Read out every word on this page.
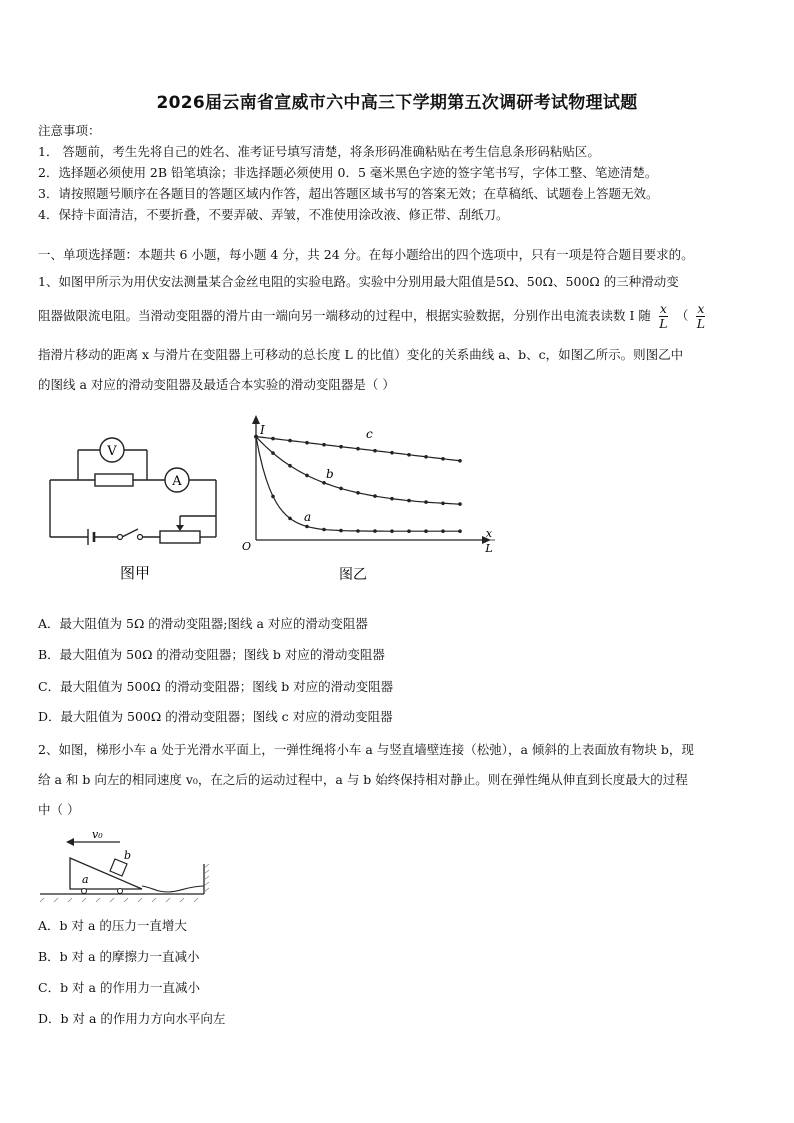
2026届云南省宣威市六中高三下学期第五次调研考试物理试题
注意事项：
1． 答题前，考生先将自己的姓名、准考证号填写清楚，将条形码准确粘贴在考生信息条形码粘贴区。
2．选择题必须使用 2B 铅笔填涂；非选择题必须使用 0．5 毫米黑色字迹的签字笔书写，字体工整、笔迹清楚。
3．请按照题号顺序在各题目的答题区域内作答，超出答题区域书写的答案无效；在草稿纸、试题卷上答题无效。
4．保持卡面清洁，不要折叠，不要弄破、弄皱，不准使用涂改液、修正带、刮纸刀。
一、单项选择题：本题共 6 小题，每小题 4 分，共 24 分。在每小题给出的四个选项中，只有一项是符合题目要求的。
1、如图甲所示为用伏安法测量某合金丝电阻的实验电路。实验中分别用最大阻值是5Ω、50Ω、500Ω 的三种滑动变
阻器做限流电阻。当滑动变阻器的滑片由一端向另一端移动的过程中，根据实验数据，分别作出电流表读数 I 随 $\frac{x}{L}$ （ $\frac{x}{L}$
指滑片移动的距离 x 与滑片在变阻器上可移动的总长度 L 的比值）变化的关系曲线 a、b、c，如图乙所示。则图乙中
的图线 a 对应的滑动变阻器及最适合本实验的滑动变阻器是（ ）
V
A
图甲
I
O
x
L
c
b
a
图乙
A．最大阻值为 5Ω 的滑动变阻器;图线 a 对应的滑动变阻器
B．最大阻值为 50Ω 的滑动变阻器；图线 b 对应的滑动变阻器
C．最大阻值为 500Ω 的滑动变阻器；图线 b 对应的滑动变阻器
D．最大阻值为 500Ω 的滑动变阻器；图线 c 对应的滑动变阻器
2、如图，梯形小车 a 处于光滑水平面上，一弹性绳将小车 a 与竖直墙壁连接（松弛），a 倾斜的上表面放有物块 b，现
给 a 和 b 向左的相同速度 v₀，在之后的运动过程中，a 与 b 始终保持相对静止。则在弹性绳从伸直到长度最大的过程
中（ ）
v₀
a
b
A．b 对 a 的压力一直增大
B．b 对 a 的摩擦力一直减小
C．b 对 a 的作用力一直减小
D．b 对 a 的作用力方向水平向左
